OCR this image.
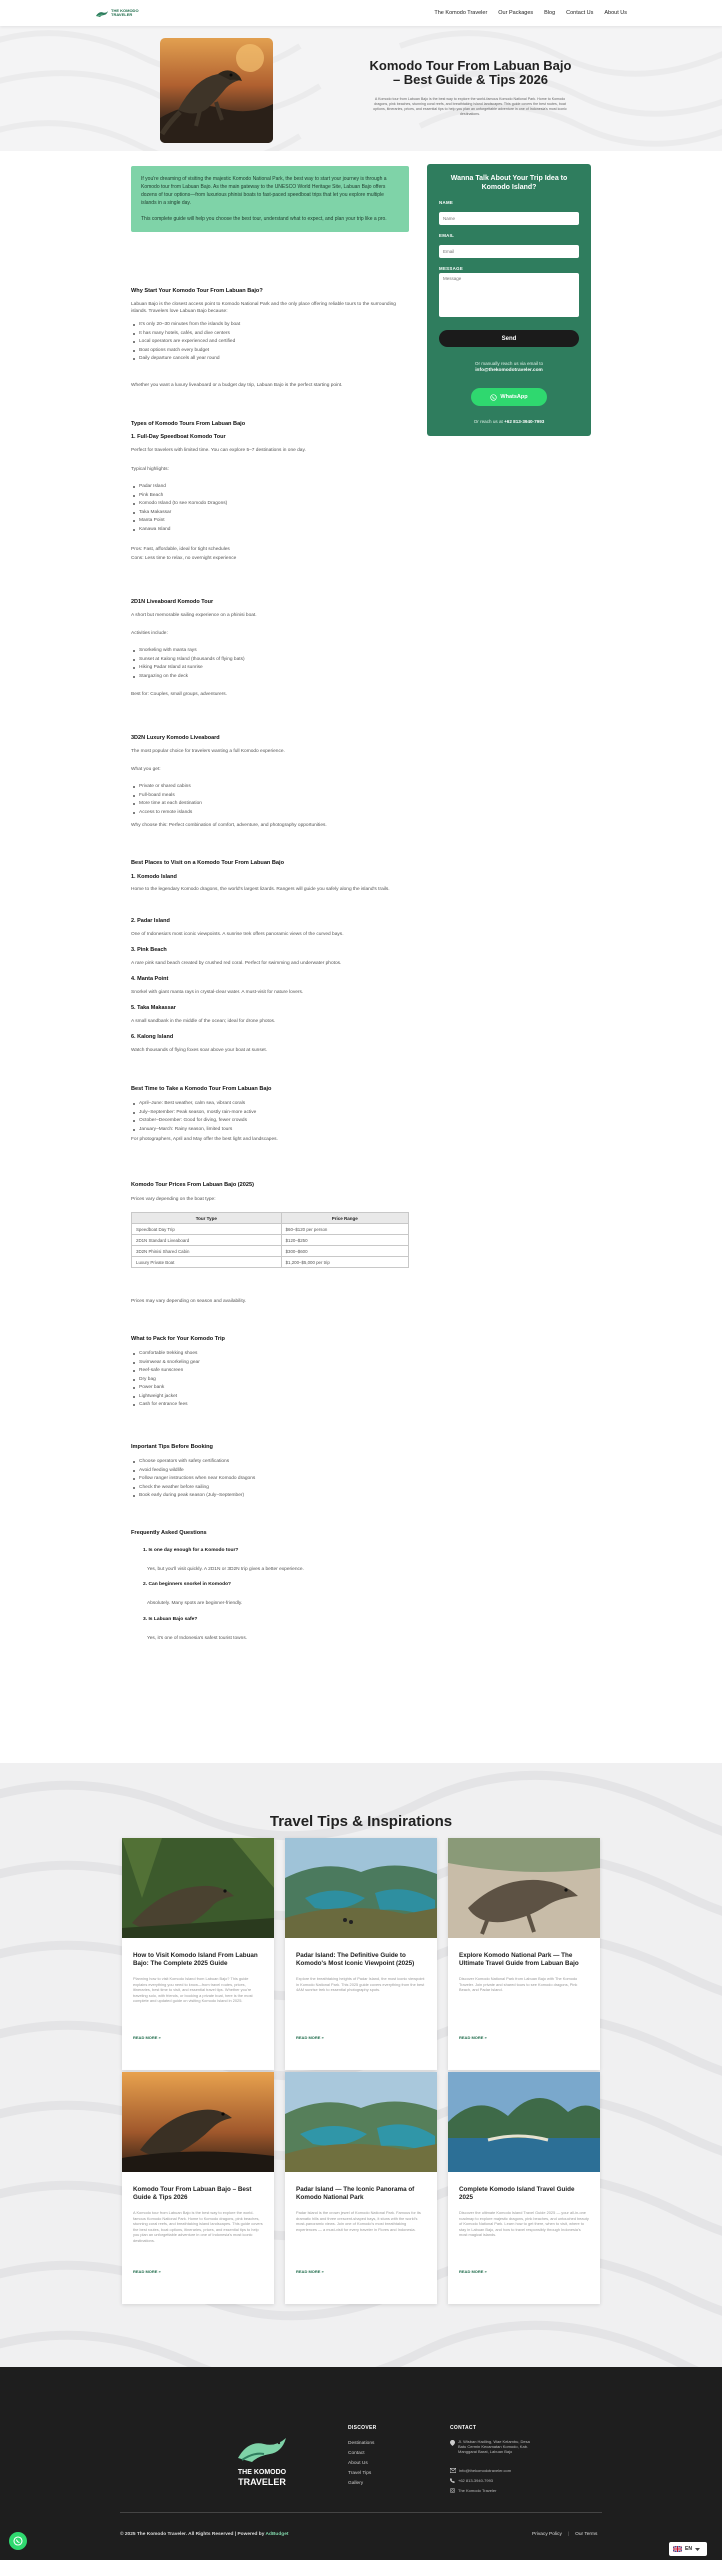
THE KOMODO
TRAVELER	The Komodo Traveler Our Packages Blog Contact Us About Us
Komodo Tour From Labuan Bajo – Best Guide & Tips 2026
A Komodo tour from Labuan Bajo is the best way to explore the world-famous Komodo National Park. Home to Komodo dragons, pink beaches, stunning coral reefs, and breathtaking island landscapes. This guide covers the best routes, boat options, itineraries, prices, and essential tips to help you plan an unforgettable adventure in one of Indonesia's most iconic destinations.

If you're dreaming of visiting the majestic Komodo National Park, the best way to start your journey is through a Komodo tour from Labuan Bajo. As the main gateway to the UNESCO World Heritage Site, Labuan Bajo offers dozens of tour options—from luxurious phinisi boats to fast-paced speedboat trips that let you explore multiple islands in a single day.

This complete guide will help you choose the best tour, understand what to expect, and plan your trip like a pro.

Why Start Your Komodo Tour From Labuan Bajo?
Labuan Bajo is the closest access point to Komodo National Park and the only place offering reliable tours to the surrounding islands. Travelers love Labuan Bajo because:
It's only 20–30 minutes from the islands by boat
It has many hotels, cafés, and dive centers
Local operators are experienced and certified
Boat options match every budget
Daily departure cancels all year round
Whether you want a luxury liveaboard or a budget day trip, Labuan Bajo is the perfect starting point.
Types of Komodo Tours From Labuan Bajo
1. Full-Day Speedboat Komodo Tour
Perfect for travelers with limited time. You can explore 5–7 destinations in one day.
Typical highlights:
Padar Island
Pink Beach
Komodo Island (to see Komodo Dragons)
Taka Makassar
Manta Point
Kanawa Island
Pros: Fast, affordable, ideal for tight schedules
Cons: Less time to relax, no overnight experience
2D1N Liveaboard Komodo Tour
A short but memorable sailing experience on a phinisi boat.
Activities include:
Snorkeling with manta rays
Sunset at Kalong Island (thousands of flying bats)
Hiking Padar Island at sunrise
Stargazing on the deck
Best for: Couples, small groups, adventurers.
3D2N Luxury Komodo Liveaboard
The most popular choice for travelers wanting a full Komodo experience.
What you get:
Private or shared cabins
Full-board meals
More time at each destination
Access to remote islands
Why choose this: Perfect combination of comfort, adventure, and photography opportunities.
Best Places to Visit on a Komodo Tour From Labuan Bajo
1. Komodo Island
Home to the legendary Komodo dragons, the world's largest lizards. Rangers will guide you safely along the island's trails.
2. Padar Island
One of Indonesia's most iconic viewpoints. A sunrise trek offers panoramic views of the curved bays.
3. Pink Beach
A rare pink sand beach created by crushed red coral. Perfect for swimming and underwater photos.
4. Manta Point
Snorkel with giant manta rays in crystal-clear water. A must-visit for nature lovers.
5. Taka Makassar
A small sandbank in the middle of the ocean; ideal for drone photos.
6. Kalong Island
Watch thousands of flying foxes soar above your boat at sunset.
Best Time to Take a Komodo Tour From Labuan Bajo
April–June: Best weather, calm sea, vibrant corals
July–September: Peak season, mostly rain-more active
October–December: Good for diving, fewer crowds
January–March: Rainy season, limited tours
For photographers, April and May offer the best light and landscapes.
Komodo Tour Prices From Labuan Bajo (2025)
Prices vary depending on the boat type:
Tour Type	Price Range
Speedboat Day Trip	$60–$120 per person
2D1N Standard Liveaboard	$120–$250
3D2N Phinisi Shared Cabin	$300–$600
Luxury Private Boat	$1,200–$5,000 per trip
Prices may vary depending on season and availability.
What to Pack for Your Komodo Trip
Comfortable trekking shoes
Swimwear & snorkeling gear
Reef-safe sunscreen
Dry bag
Power bank
Lightweight jacket
Cash for entrance fees
Important Tips Before Booking
Choose operators with safety certifications
Avoid feeding wildlife
Follow ranger instructions when near Komodo dragons
Check the weather before sailing
Book early during peak season (July–September)
Frequently Asked Questions
1. Is one day enough for a Komodo tour?
Yes, but you'll visit quickly. A 2D1N or 3D2N trip gives a better experience.
2. Can beginners snorkel in Komodo?
Absolutely. Many spots are beginner-friendly.
3. Is Labuan Bajo safe?
Yes, it's one of Indonesia's safest tourist towns.
Wanna Talk About Your Trip Idea to Komodo Island?
NAME
Name
EMAIL
Email
MESSAGE
Message
Send
Or manually reach us via email to
info@thekomodotraveler.com
WhatsApp
Or reach us at +62 813-3940-7993
Travel Tips & Inspirations
How to Visit Komodo Island From Labuan Bajo: The Complete 2025 Guide
Planning how to visit Komodo Island from Labuan Bajo? This guide explains everything you need to know—from travel routes, prices, itineraries, best time to visit, and essential travel tips. Whether you're traveling solo, with friends, or booking a private boat, here is the most complete and updated guide on visiting Komodo Island in 2025.
READ MORE »
Padar Island: The Definitive Guide to Komodo's Most Iconic Viewpoint (2025)
Explore the breathtaking heights of Padar Island, the most iconic viewpoint in Komodo National Park. This 2025 guide covers everything from the best 4AM sunrise trek to essential photography spots.
READ MORE »
Explore Komodo National Park — The Ultimate Travel Guide from Labuan Bajo
Discover Komodo National Park from Labuan Bajo with The Komodo Traveler. Join private and shared tours to see Komodo dragons, Pink Beach, and Padar Island.
READ MORE »
Komodo Tour From Labuan Bajo – Best Guide & Tips 2026
A Komodo tour from Labuan Bajo is the best way to explore the world-famous Komodo National Park. Home to Komodo dragons, pink beaches, stunning coral reefs, and breathtaking island landscapes. This guide covers the best routes, boat options, itineraries, prices, and essential tips to help you plan an unforgettable adventure in one of Indonesia's most iconic destinations.
READ MORE »
Padar Island — The Iconic Panorama of Komodo National Park
Padar Island is the crown jewel of Komodo National Park. Famous for its dramatic hills and three crescent-shaped bays, it stuns with the world's most-panoramic views. Join one of Komodo's most breathtaking experiences — a must-visit for every traveler in Flores and Indonesia.
READ MORE »
Complete Komodo Island Travel Guide 2025
Discover the ultimate Komodo Island Travel Guide 2025 — your all-in-one roadmap to explore majestic dragons, pink beaches, and untouched beauty of Komodo National Park. Learn how to get there, when to visit, where to stay in Labuan Bajo, and how to travel responsibly through Indonesia's most magical islands.
READ MORE »
THE KOMODO
TRAVELER
DISCOVER
Destinations
Contact
About Us
Travel Tips
Gallery
CONTACT
Jl. Wisban Hadling, Wae Kelambu, Desa Batu Cermin Kecamatan Komodo, Kab. Manggarai Barat, Labuan Bajo
info@thekomodotraveler.com
+62 813-3940-7993
The Komodo Traveler
© 2025 The Komodo Traveler. All Rights Reserved | Powered by AdBudget	Privacy Policy | Our Terms
EN
